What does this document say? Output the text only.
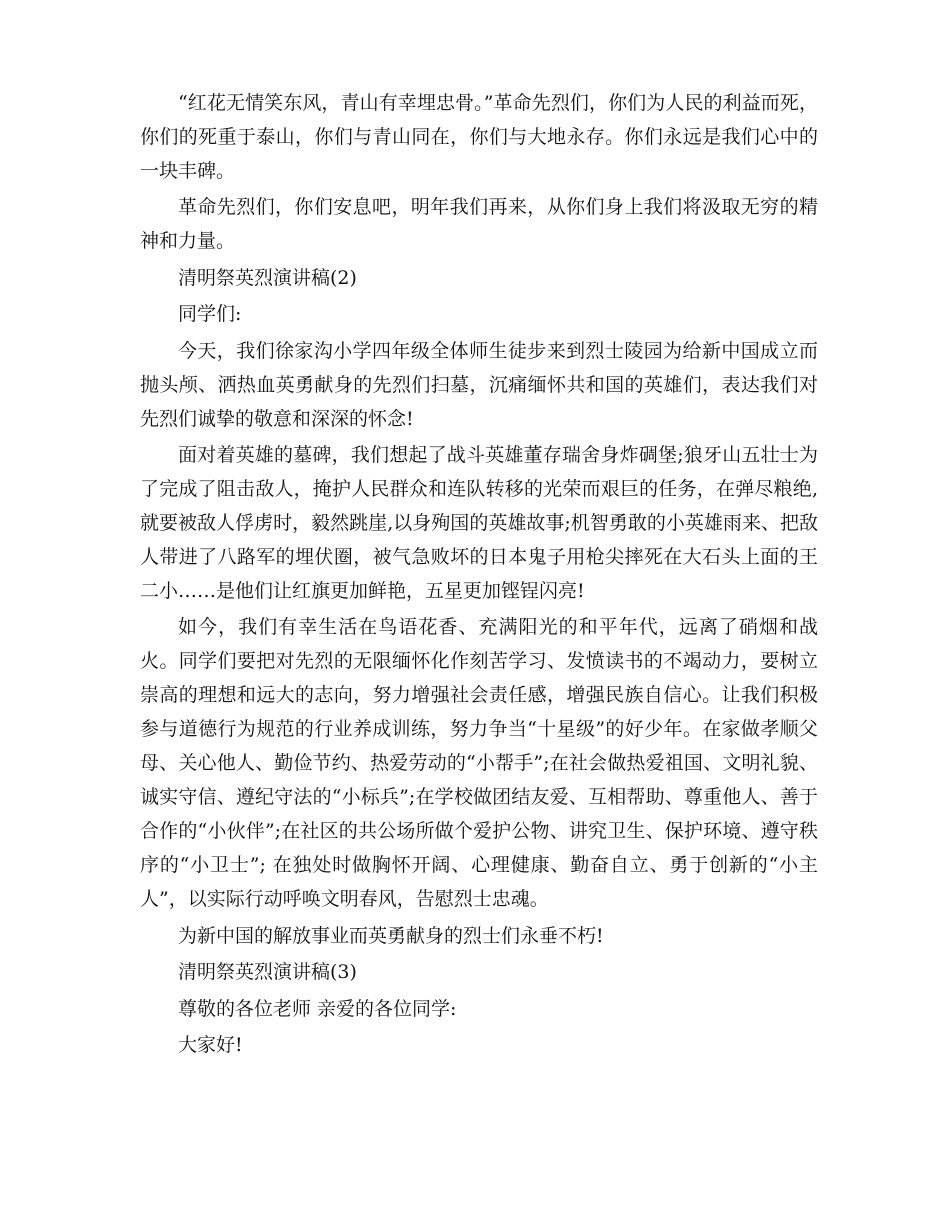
“红花无情笑东风，青山有幸埋忠骨。”革命先烈们，你们为人民的利益而死，你们的死重于泰山，你们与青山同在，你们与大地永存。你们永远是我们心中的一块丰碑。

革命先烈们，你们安息吧，明年我们再来，从你们身上我们将汲取无穷的精神和力量。

清明祭英烈演讲稿(2)

同学们:

今天，我们徐家沟小学四年级全体师生徒步来到烈士陵园为给新中国成立而抛头颅、洒热血英勇献身的先烈们扫墓，沉痛缅怀共和国的英雄们，表达我们对先烈们诚挚的敬意和深深的怀念!

面对着英雄的墓碑，我们想起了战斗英雄董存瑞舍身炸碉堡;狼牙山五壮士为了完成了阻击敌人，掩护人民群众和连队转移的光荣而艰巨的任务，在弹尽粮绝,就要被敌人俘虏时，毅然跳崖,以身殉国的英雄故事;机智勇敢的小英雄雨来、把敌人带进了八路军的埋伏圈，被气急败坏的日本鬼子用枪尖摔死在大石头上面的王二小……是他们让红旗更加鲜艳，五星更加铿锃闪亮!

如今，我们有幸生活在鸟语花香、充满阳光的和平年代，远离了硝烟和战火。同学们要把对先烈的无限缅怀化作刻苦学习、发愤读书的不竭动力，要树立崇高的理想和远大的志向，努力增强社会责任感，增强民族自信心。让我们积极参与道德行为规范的行业养成训练，努力争当“十星级”的好少年。在家做孝顺父母、关心他人、勤俭节约、热爱劳动的“小帮手”;在社会做热爱祖国、文明礼貌、诚实守信、遵纪守法的“小标兵”;在学校做团结友爱、互相帮助、尊重他人、善于合作的“小伙伴”;在社区的共公场所做个爱护公物、讲究卫生、保护环境、遵守秩序的“小卫士”; 在独处时做胸怀开阔、心理健康、勤奋自立、勇于创新的“小主人”，以实际行动呼唤文明春风，告慰烈士忠魂。

为新中国的解放事业而英勇献身的烈士们永垂不朽!

清明祭英烈演讲稿(3)

尊敬的各位老师 亲爱的各位同学:

大家好!
